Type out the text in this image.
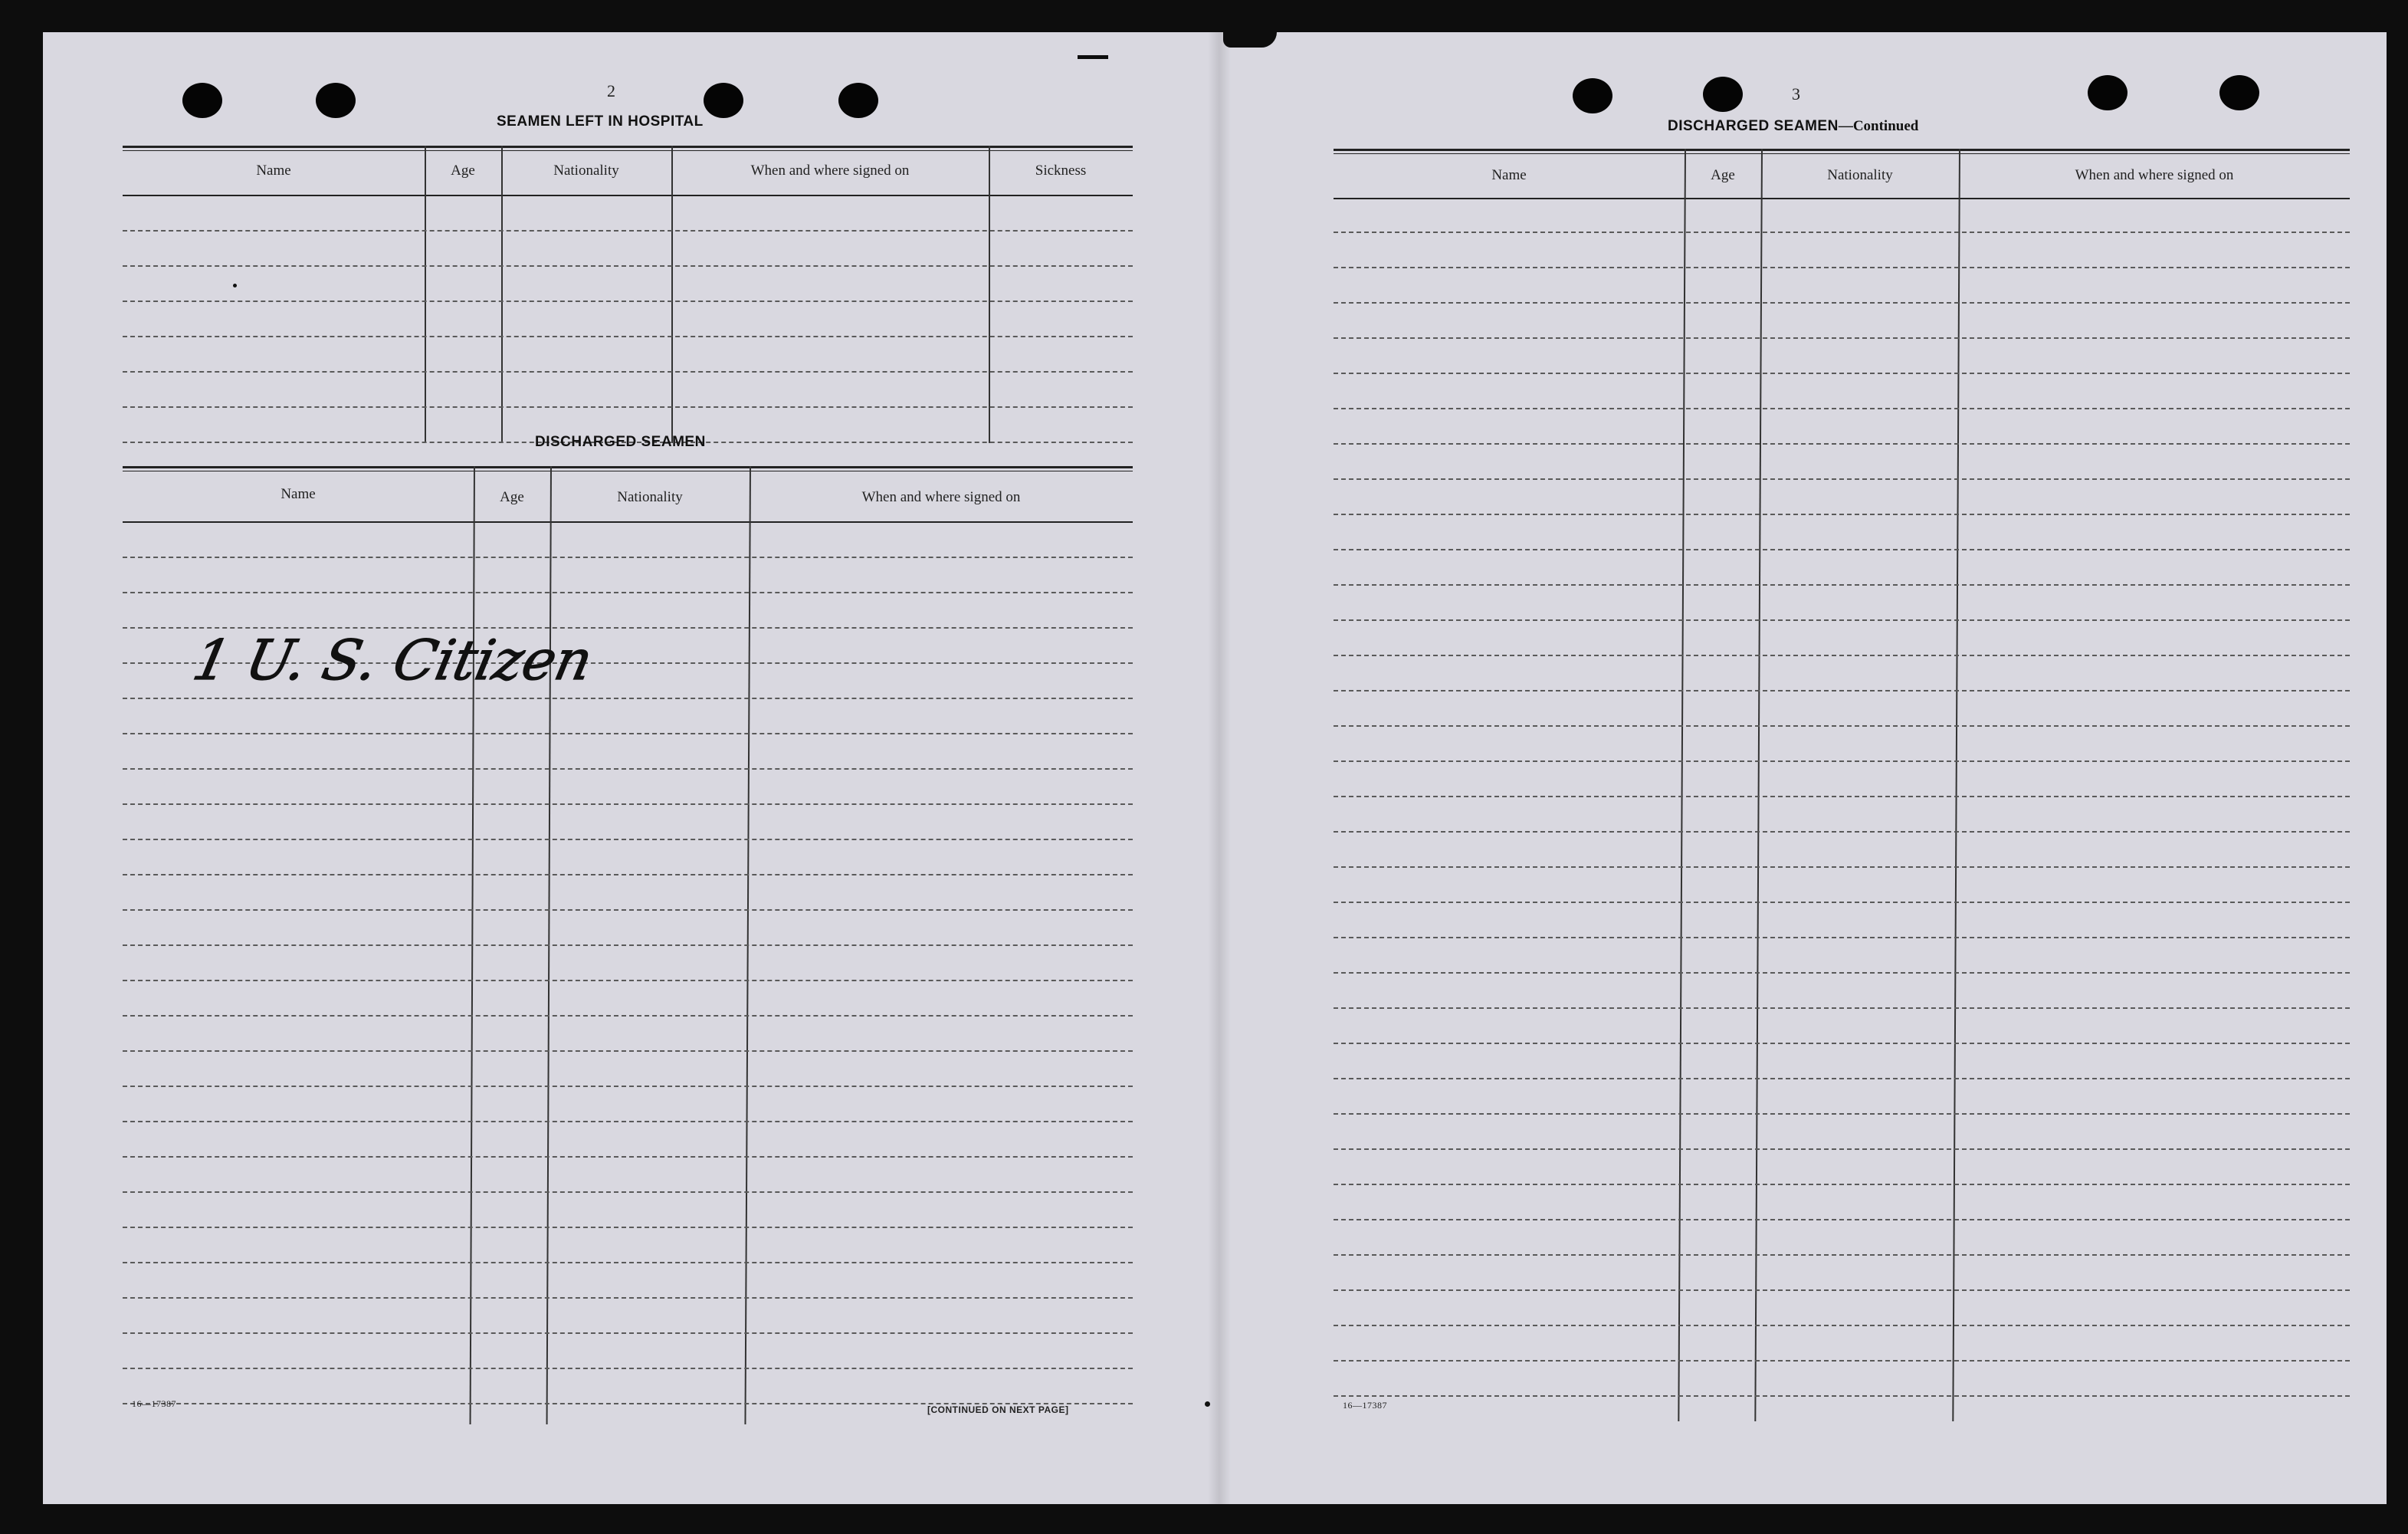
2
SEAMEN LEFT IN HOSPITAL
Name	Age	Nationality	When and where signed on	Sickness
DISCHARGED SEAMEN
Name	Age	Nationality	When and where signed on
1 U. S. Citizen
16—17387
[CONTINUED ON NEXT PAGE]
3
DISCHARGED SEAMEN—Continued
Name	Age	Nationality	When and where signed on
16—17387
